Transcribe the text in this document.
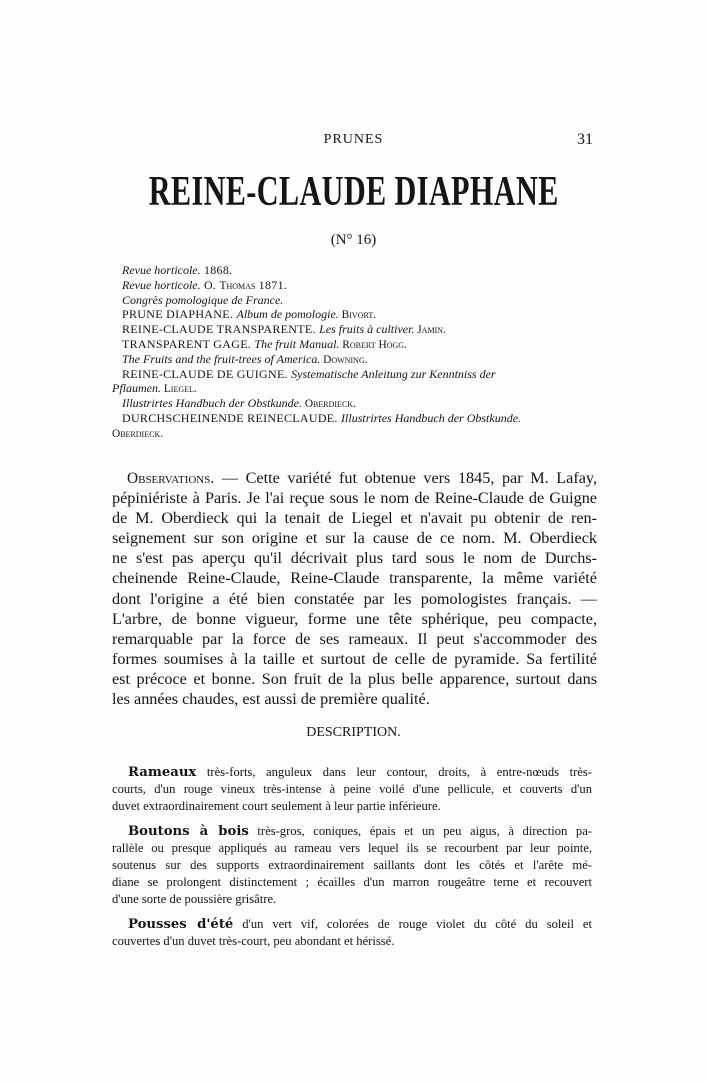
PRUNES	31
REINE-CLAUDE DIAPHANE
(N° 16)
Revue horticole. 1868.
Revue horticole. O. Thomas 1871.
Congrès pomologique de France.
PRUNE DIAPHANE. Album de pomologie. Bivort.
REINE-CLAUDE TRANSPARENTE. Les fruits à cultiver. Jamin.
TRANSPARENT GAGE. The fruit Manual. Robert Hogg.
The Fruits and the fruit-trees of America. Downing.
REINE-CLAUDE DE GUIGNE. Systematische Anleitung zur Kenntniss der
Pflaumen. Liegel.
Illustrirtes Handbuch der Obstkunde. Oberdieck.
DURCHSCHEINENDE REINECLAUDE. Illustrirtes Handbuch der Obstkunde.
Oberdieck.
Observations. — Cette variété fut obtenue vers 1845, par M. Lafay,
pépiniériste à Paris. Je l'ai reçue sous le nom de Reine-Claude de Guigne
de M. Oberdieck qui la tenait de Liegel et n'avait pu obtenir de ren-
seignement sur son origine et sur la cause de ce nom. M. Oberdieck
ne s'est pas aperçu qu'il décrivait plus tard sous le nom de Durchs-
cheinende Reine-Claude, Reine-Claude transparente, la même variété
dont l'origine a été bien constatée par les pomologistes français. —
L'arbre, de bonne vigueur, forme une tête sphérique, peu compacte,
remarquable par la force de ses rameaux. Il peut s'accommoder des
formes soumises à la taille et surtout de celle de pyramide. Sa fertilité
est précoce et bonne. Son fruit de la plus belle apparence, surtout dans
les années chaudes, est aussi de première qualité.
DESCRIPTION.
Rameaux très-forts, anguleux dans leur contour, droits, à entre-nœuds très-
courts, d'un rouge vineux très-intense à peine voilé d'une pellicule, et couverts d'un
duvet extraordinairement court seulement à leur partie inférieure.
Boutons à bois très-gros, coniques, épais et un peu aigus, à direction pa-
rallèle ou presque appliqués au rameau vers lequel ils se recourbent par leur pointe,
soutenus sur des supports extraordinairement saillants dont les côtés et l'arête mé-
diane se prolongent distinctement ; écailles d'un marron rougeâtre terne et recouvert
d'une sorte de poussière grisâtre.
Pousses d'été d'un vert vif, colorées de rouge violet du côté du soleil et
couvertes d'un duvet très-court, peu abondant et hérissé.
